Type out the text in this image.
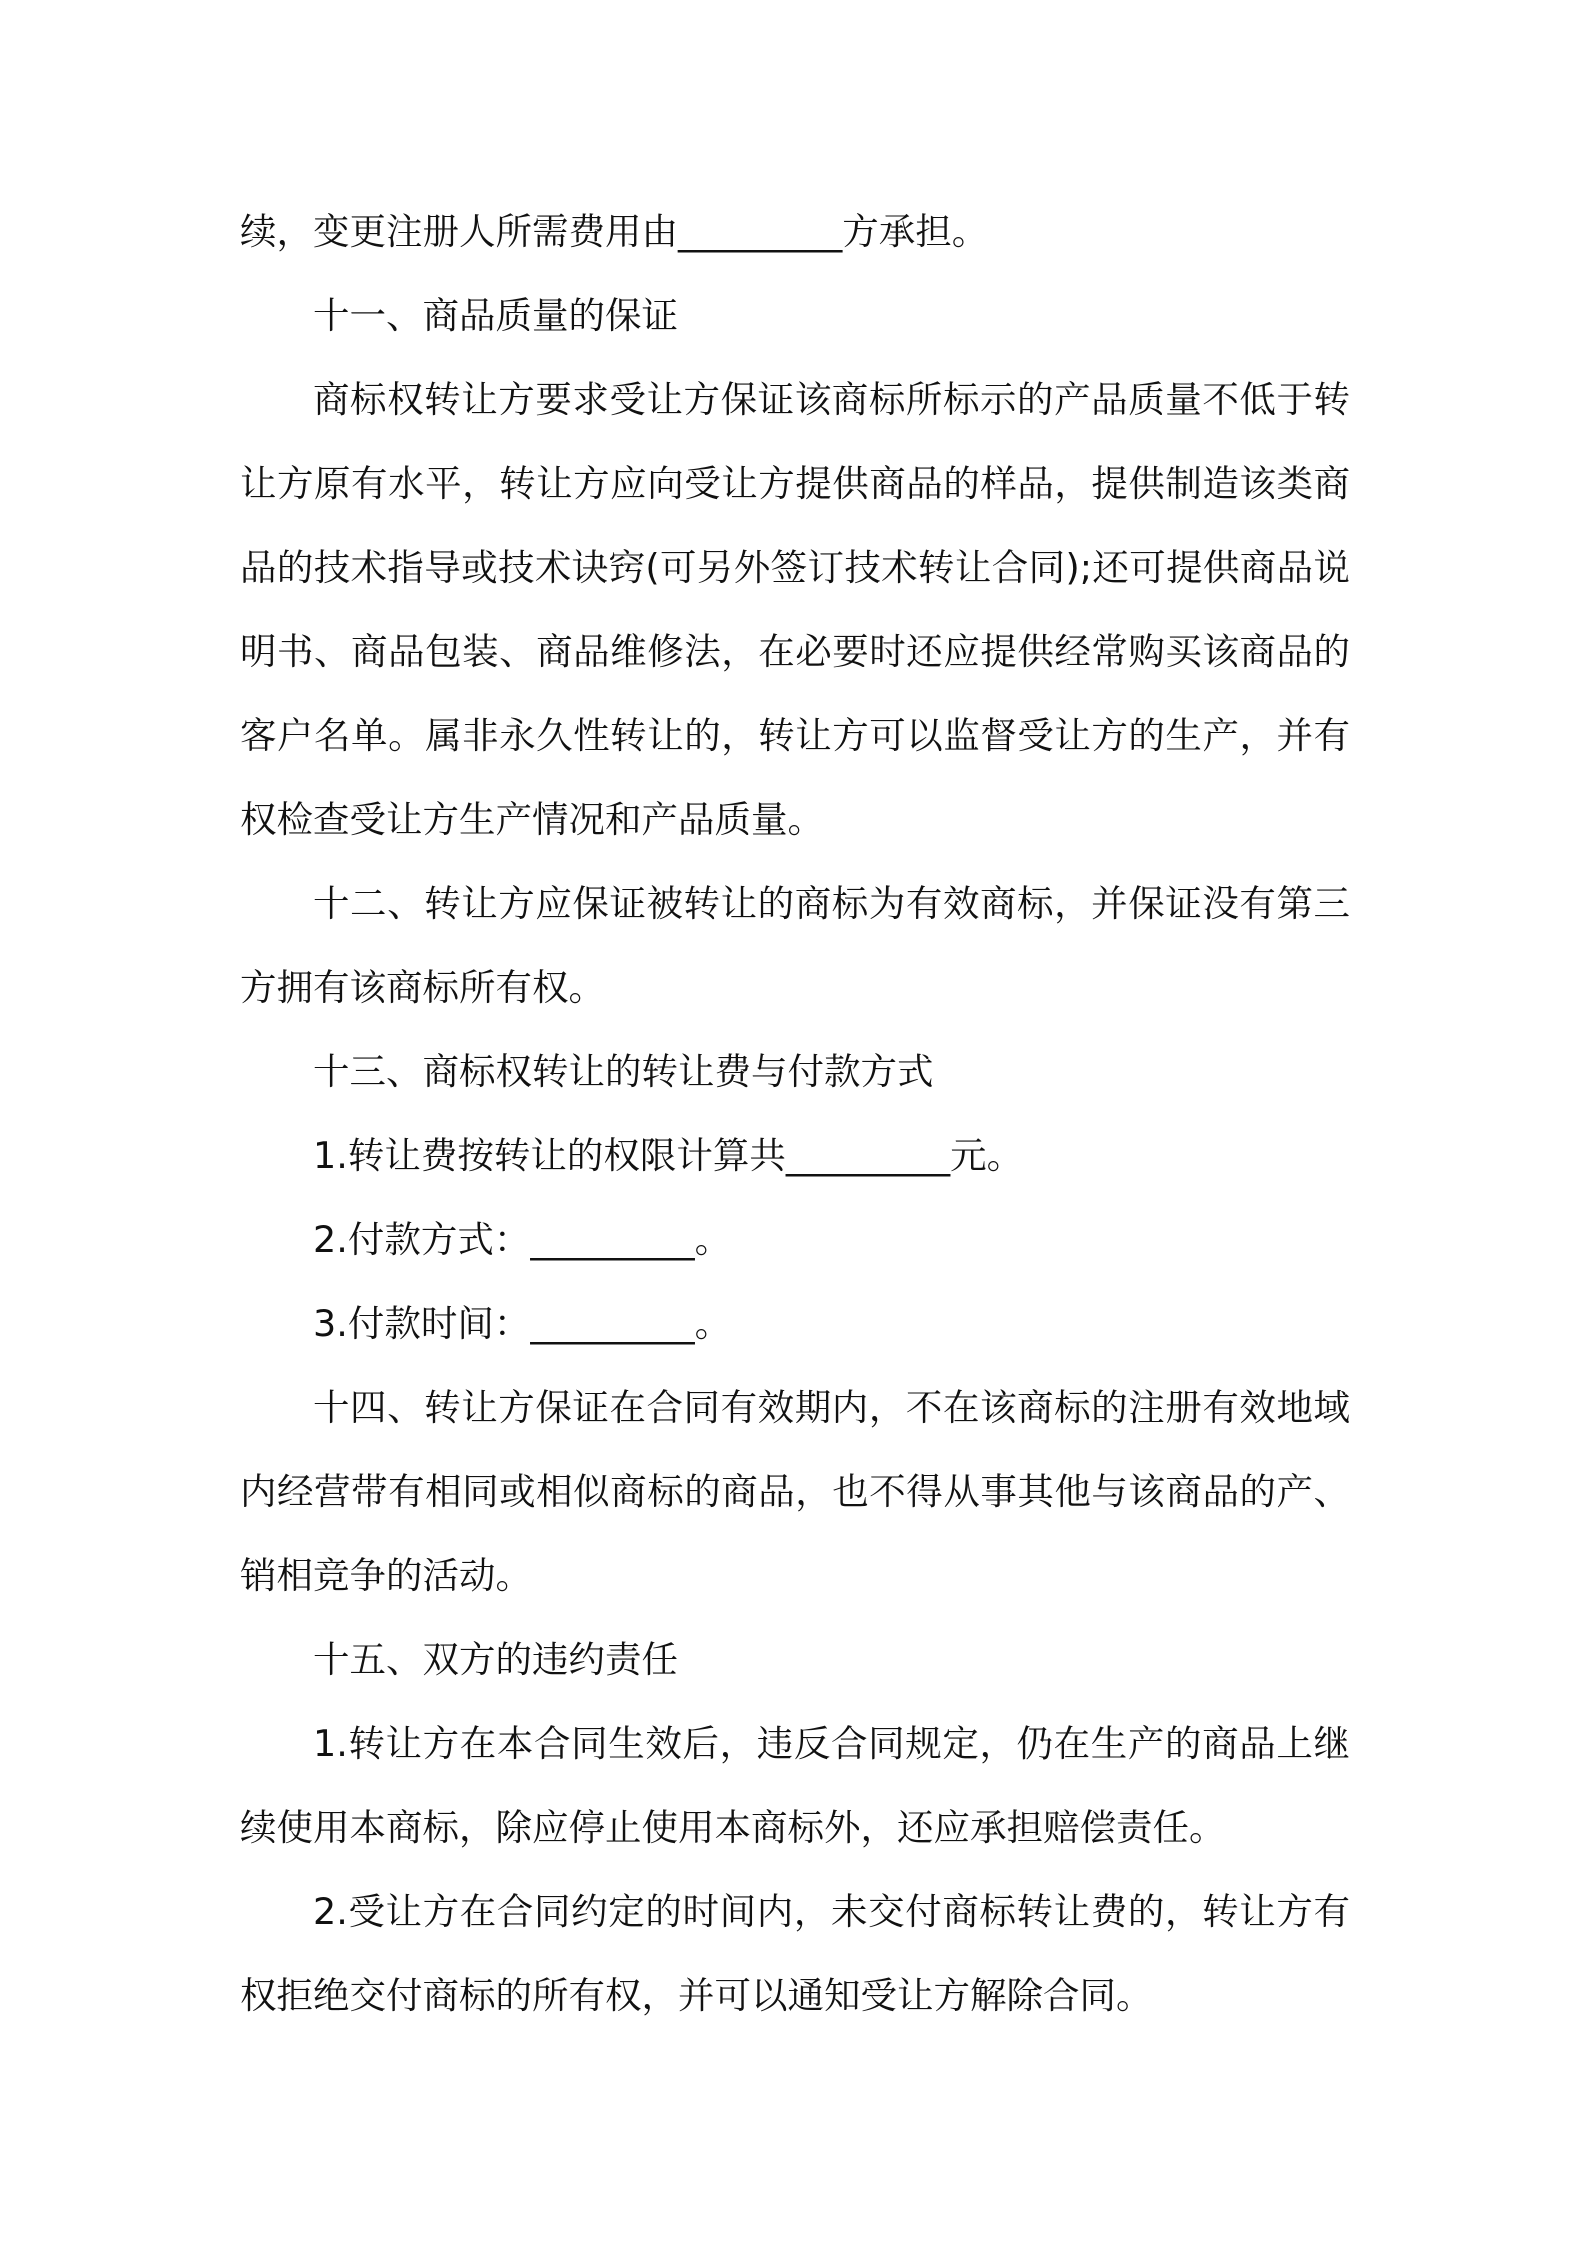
续，变更注册人所需费用由_________方承担。

十一、商品质量的保证

商标权转让方要求受让方保证该商标所标示的产品质量不低于转让方原有水平，转让方应向受让方提供商品的样品，提供制造该类商品的技术指导或技术诀窍(可另外签订技术转让合同);还可提供商品说明书、商品包装、商品维修法，在必要时还应提供经常购买该商品的客户名单。属非永久性转让的，转让方可以监督受让方的生产，并有权检查受让方生产情况和产品质量。

十二、转让方应保证被转让的商标为有效商标，并保证没有第三方拥有该商标所有权。

十三、商标权转让的转让费与付款方式

1.转让费按转让的权限计算共_________元。

2.付款方式：_________。

3.付款时间：_________。

十四、转让方保证在合同有效期内，不在该商标的注册有效地域内经营带有相同或相似商标的商品，也不得从事其他与该商品的产、销相竞争的活动。

十五、双方的违约责任

1.转让方在本合同生效后，违反合同规定，仍在生产的商品上继续使用本商标，除应停止使用本商标外，还应承担赔偿责任。

2.受让方在合同约定的时间内，未交付商标转让费的，转让方有权拒绝交付商标的所有权，并可以通知受让方解除合同。
